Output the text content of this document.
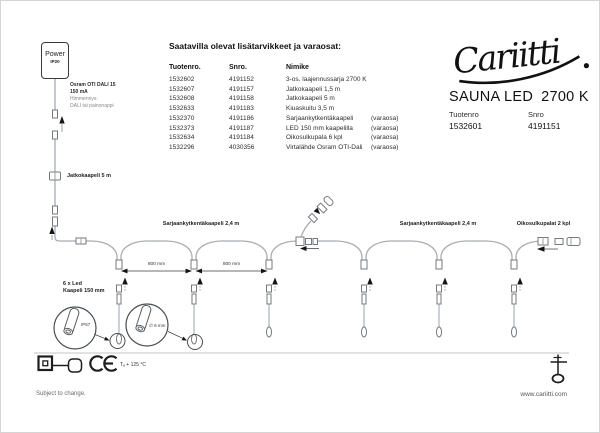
Cariitti
Power
IP20
Osram OTI DALI 15
150 mA
Himmennys:
DALI tai painonappi
Jatkokaapeli 5 m
Saatavilla olevat lisätarvikkeet ja varaosat:
Tuotenro.	Snro.	Nimike
1532602	4191152	3-os. laajennussarja 2700 K
1532607	4191157	Jatkokaapeli 1,5 m
1532608	4191158	Jatkokaapeli 5 m
1532633	4191183	Kiuaskuitu 3,5 m
1532370	4191186	Sarjaankytkentäkaapeli	(varaosa)
1532373	4191187	LED 150 mm kaapelilla	(varaosa)
1532634	4191184	Oikosulkupala 6 kpl	(varaosa)
1532296	4030356	Virtalähde Osram OTI-Dali	(varaosa)
SAUNA LED 2700 K
Tuotenro	Snro
1532601	4191151
Sarjaankytkentäkaapeli 2,4 m	Sarjaankytkentäkaapeli 2,4 m	Oikosulkupalat 2 kpl
800 mm	800 mm
6 x Led
Kaapeli 150 mm
IP67	∅ 6 mm
Tₐ + 125 °C
Subject to change.	www.cariitti.com
